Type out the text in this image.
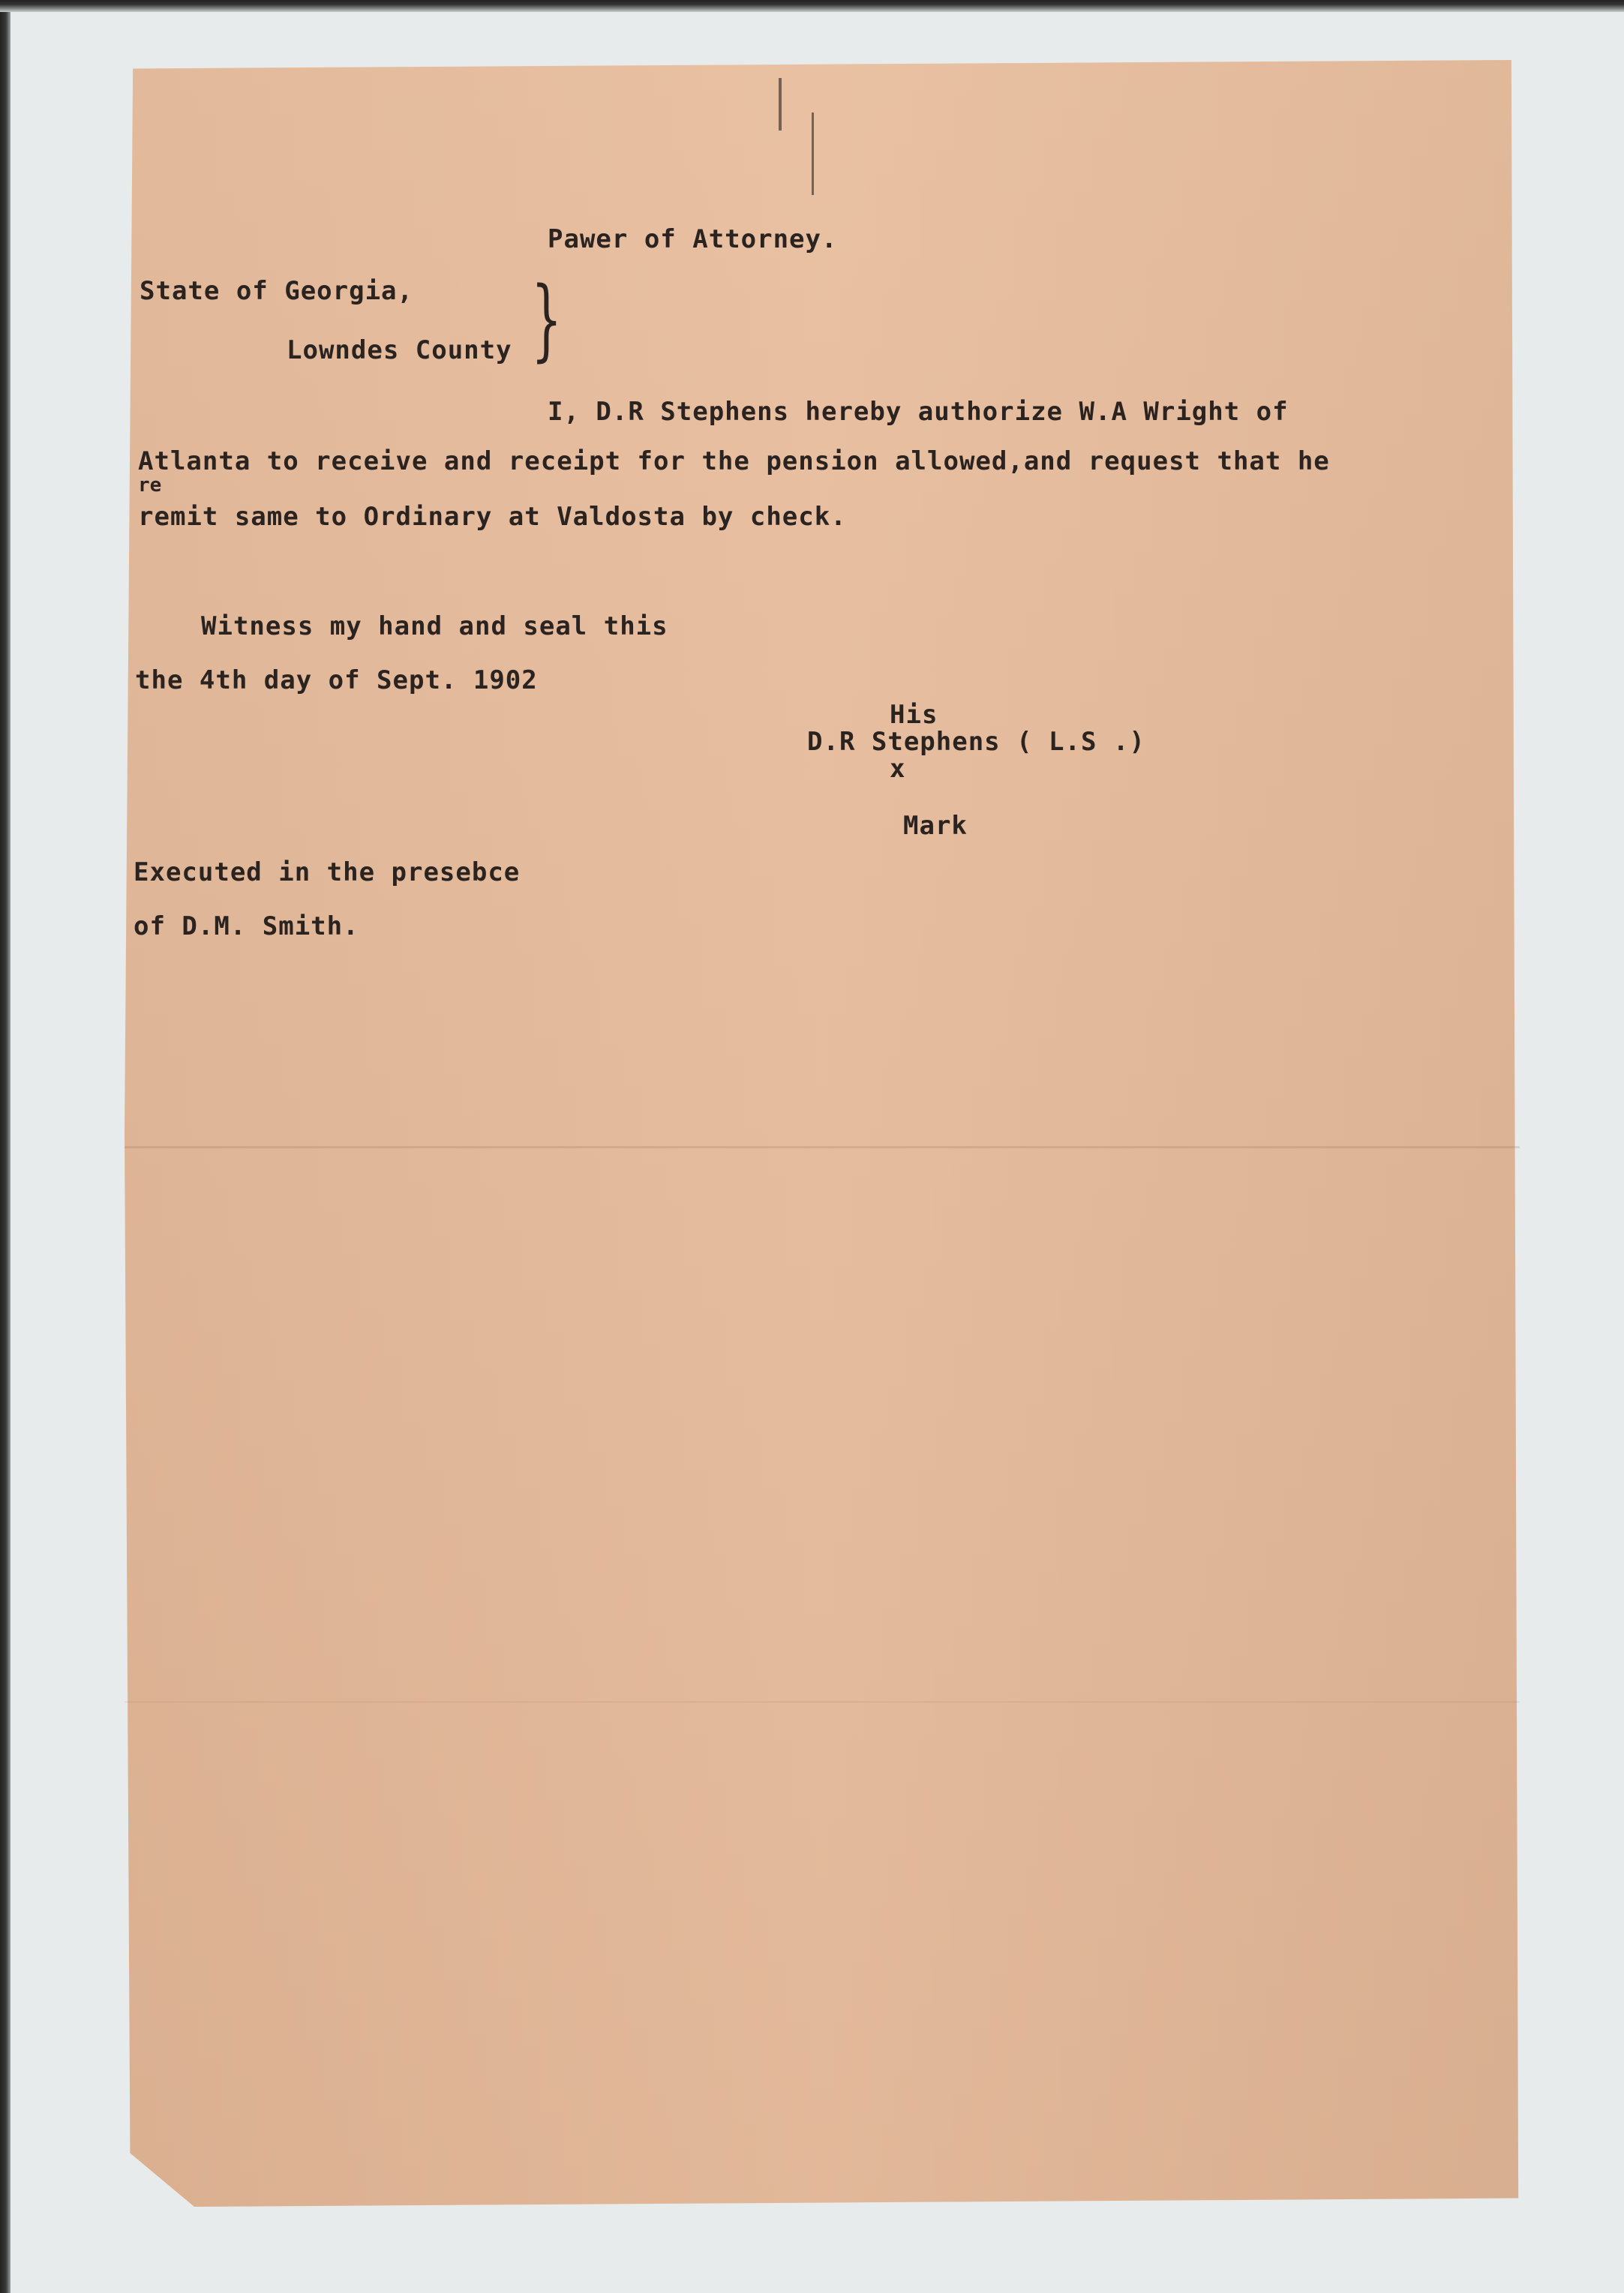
Pawer of Attorney.
State of Georgia,
Lowndes County }
I, D.R Stephens hereby authorize W.A Wright of
Atlanta to receive and receipt for the pension allowed,and request that he
re
remit same to Ordinary at Valdosta by check.
Witness my hand and seal this
the 4th day of Sept. 1902
His
D.R Stephens ( L.S .)
x
Mark
Executed in the presebce
of D.M. Smith.
